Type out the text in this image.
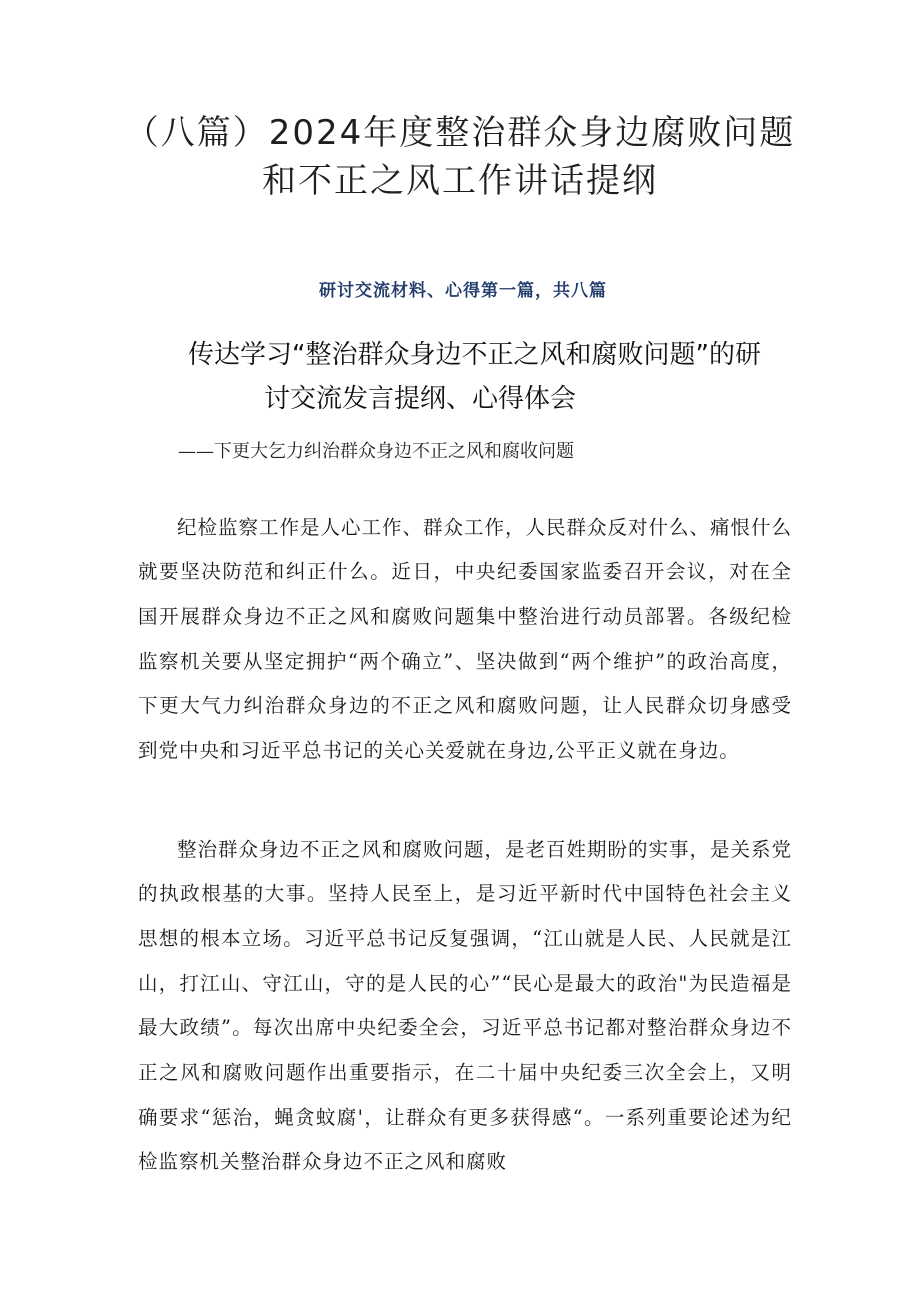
（八篇）2024年度整治群众身边腐败问题
和不正之风工作讲话提纲
研讨交流材料、心得第一篇，共八篇
传达学习“整治群众身边不正之风和腐败问题”的研
讨交流发言提纲、心得体会
——下更大乞力纠治群众身边不正之风和腐收问题

纪检监察工作是人心工作、群众工作，人民群众反对什么、痛恨什么就要坚决防范和纠正什么。近日，中央纪委国家监委召开会议，对在全国开展群众身边不正之风和腐败问题集中整治进行动员部署。各级纪检监察机关要从坚定拥护“两个确立”、坚决做到“两个维护”的政治高度，下更大气力纠治群众身边的不正之风和腐败问题，让人民群众切身感受到党中央和习近平总书记的关心关爱就在身边,公平正义就在身边。

整治群众身边不正之风和腐败问题，是老百姓期盼的实事，是关系党的执政根基的大事。坚持人民至上，是习近平新时代中国特色社会主义思想的根本立场。习近平总书记反复强调，“江山就是人民、人民就是江山，打江山、守江山，守的是人民的心”“民心是最大的政治"为民造福是最大政绩”。每次出席中央纪委全会，习近平总书记都对整治群众身边不正之风和腐败问题作出重要指示，在二十届中央纪委三次全会上，又明确要求“惩治，蝇贪蚊腐'，让群众有更多获得感“。一系列重要论述为纪检监察机关整治群众身边不正之风和腐败
